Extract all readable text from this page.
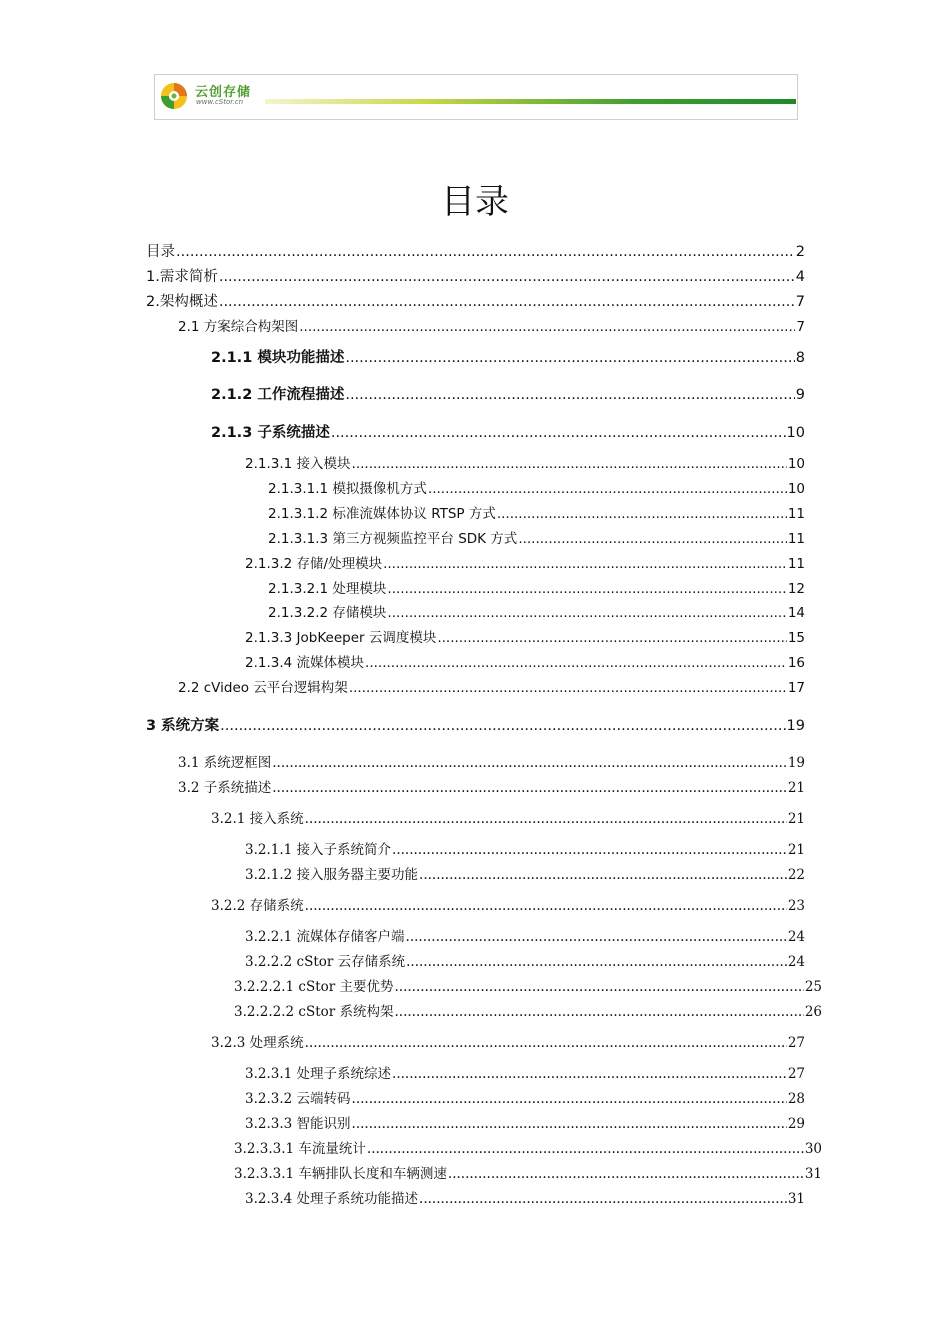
云创存储
www.cStor.cn
目录
目录 .....	2
1.需求简析 .....	4
2.架构概述 .....	7
2.1 方案综合构架图 .....	7
2.1.1 模块功能描述 .....	8
2.1.2 工作流程描述 .....	9
2.1.3 子系统描述 .....	10
2.1.3.1 接入模块 .....	10
2.1.3.1.1 模拟摄像机方式 .....	10
2.1.3.1.2 标准流媒体协议 RTSP 方式 .....	11
2.1.3.1.3 第三方视频监控平台 SDK 方式 .....	11
2.1.3.2 存储/处理模块 .....	11
2.1.3.2.1 处理模块 .....	12
2.1.3.2.2 存储模块 .....	14
2.1.3.3 JobKeeper 云调度模块 .....	15
2.1.3.4 流媒体模块 .....	16
2.2 cVideo 云平台逻辑构架 .....	17
3 系统方案 .....	19
3.1 系统逻框图 .....	19
3.2 子系统描述 .....	21
3.2.1 接入系统 .....	21
3.2.1.1 接入子系统简介 .....	21
3.2.1.2 接入服务器主要功能 .....	22
3.2.2 存储系统 .....	23
3.2.2.1 流媒体存储客户端 .....	24
3.2.2.2 cStor 云存储系统 .....	24
3.2.2.2.1 cStor 主要优势 .....	25
3.2.2.2.2 cStor 系统构架 .....	26
3.2.3 处理系统 .....	27
3.2.3.1 处理子系统综述 .....	27
3.2.3.2 云端转码 .....	28
3.2.3.3 智能识别 .....	29
3.2.3.3.1 车流量统计 .....	30
3.2.3.3.1 车辆排队长度和车辆测速 .....	31
3.2.3.4 处理子系统功能描述 .....	31
